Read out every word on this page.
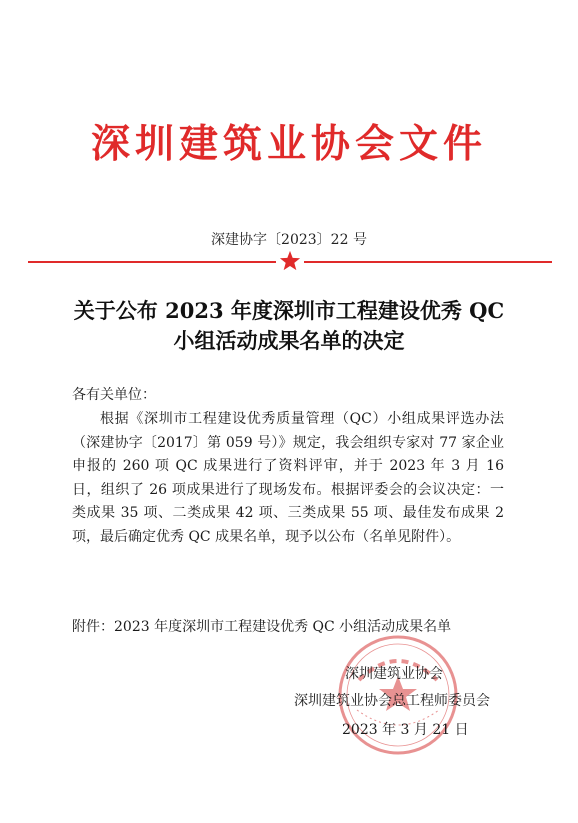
深圳建筑业协会文件
深建协字〔2023〕22 号
关于公布 2023 年度深圳市工程建设优秀 QC 小组活动成果名单的决定
各有关单位：
根据《深圳市工程建设优秀质量管理（QC）小组成果评选办法（深建协字〔2017〕第 059 号）》规定，我会组织专家对 77 家企业申报的 260 项 QC 成果进行了资料评审，并于 2023 年 3 月 16 日，组织了 26 项成果进行了现场发布。根据评委会的会议决定：一类成果 35 项、二类成果 42 项、三类成果 55 项、最佳发布成果 2 项，最后确定优秀 QC 成果名单，现予以公布（名单见附件）。
附件：2023 年度深圳市工程建设优秀 QC 小组活动成果名单
深圳建筑业协会
深圳建筑业协会总工程师委员会
2023 年 3 月 21 日
